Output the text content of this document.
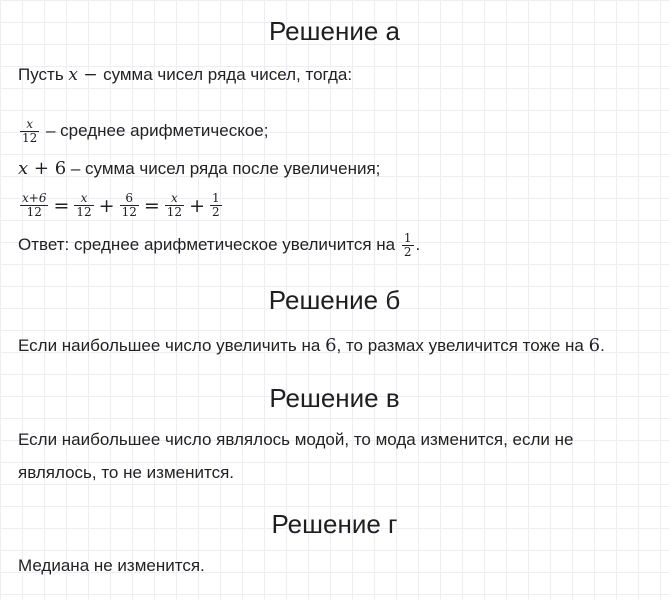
Решение а
Пусть x − сумма чисел ряда чисел, тогда:
$\frac{x}{12}$ – среднее арифметическое;
x + 6 – сумма чисел ряда после увеличения;
$\frac{x+6}{12} = \frac{x}{12} + \frac{6}{12} = \frac{x}{12} + \frac{1}{2}$
Ответ: среднее арифметическое увеличится на $\frac{1}{2}$ .
Решение б
Если наибольшее число увеличить на 6, то размах увеличится тоже на 6.
Решение в
Если наибольшее число являлось модой, то мода изменится, если не
являлось, то не изменится.
Решение г
Медиана не изменится.
